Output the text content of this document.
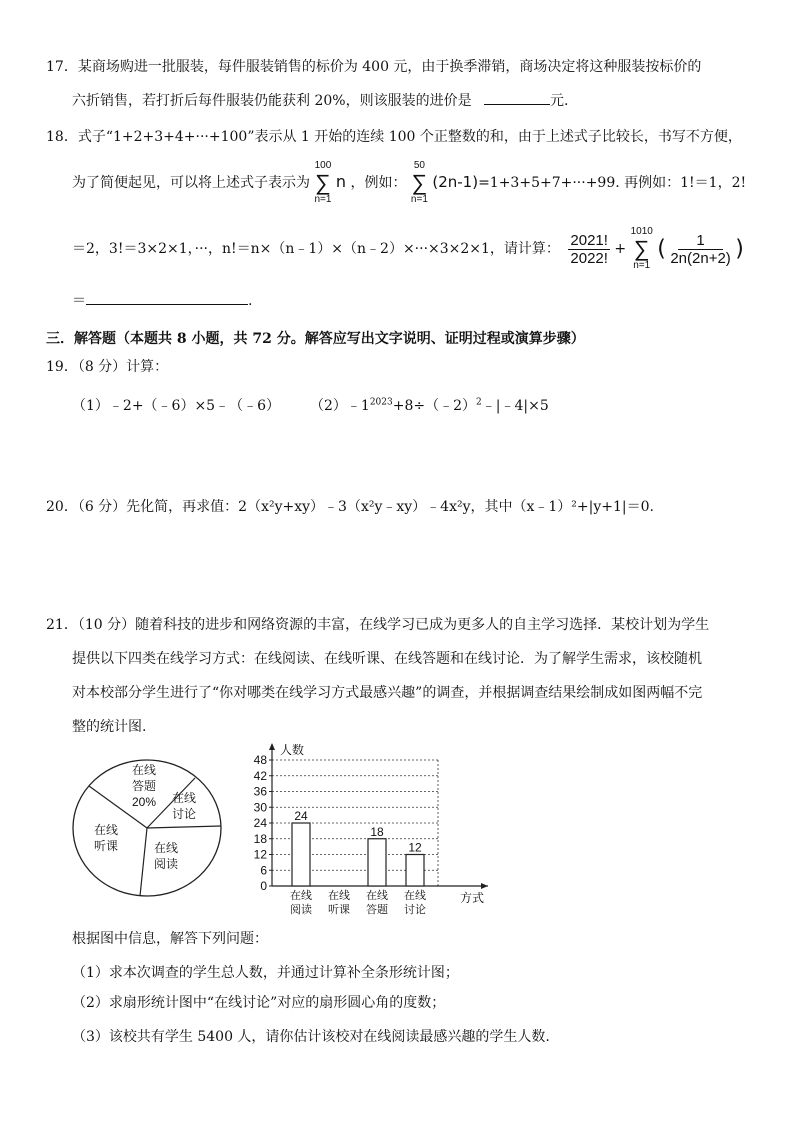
17．某商场购进一批服装，每件服装销售的标价为 400 元，由于换季滞销，商场决定将这种服装按标价的
六折销售，若打折后每件服装仍能获利 20%，则该服装的进价是	元.
18．式子“1+2+3+4+···+100”表示从 1 开始的连续 100 个正整数的和，由于上述式子比较长，书写不方便，
为了简便起见，可以将上述式子表示为
100
∑
n=1
n ，例如：
50
∑
n=1
(2n-1)=1+3+5+7+···+99. 再例如：1!＝1，2!
＝2，3!＝3×2×1，···，n!＝n×（n﹣1）×（n﹣2）×···×3×2×1，请计算： $\frac{2021!}{2022!}$ +
1010
∑
n=1
( $\frac{1}{2n(2n+2)}$ )
＝	.
三．解答题（本题共 8 小题，共 72 分。解答应写出文字说明、证明过程或演算步骤）
19．（8 分）计算：
（1）﹣2+（﹣6）×5﹣（﹣6） $(2)﹣1^{2023}+8\div(﹣2)^2﹣|﹣4|\times 5$
20．（6 分）先化简，再求值：2（x²y+xy）﹣3（x²y﹣xy）﹣4x²y，其中（x﹣1）²+|y+1|＝0.
21．（10 分）随着科技的进步和网络资源的丰富，在线学习已成为更多人的自主学习选择．某校计划为学生
提供以下四类在线学习方式：在线阅读、在线听课、在线答题和在线讨论．为了解学生需求，该校随机
对本校部分学生进行了“你对哪类在线学习方式最感兴趣”的调查，并根据调查结果绘制成如图两幅不完
整的统计图.
在线
答题
20% 在线
讨论
在线
阅读
在线
听课
0
6
12
18
24
30
36
42
48
人数
方式
24
在线
阅读
在线
听课
18
在线
答题
12
在线
讨论
根据图中信息，解答下列问题：
（1）求本次调查的学生总人数，并通过计算补全条形统计图；
（2）求扇形统计图中“在线讨论”对应的扇形圆心角的度数；
（3）该校共有学生 5400 人，请你估计该校对在线阅读最感兴趣的学生人数.
